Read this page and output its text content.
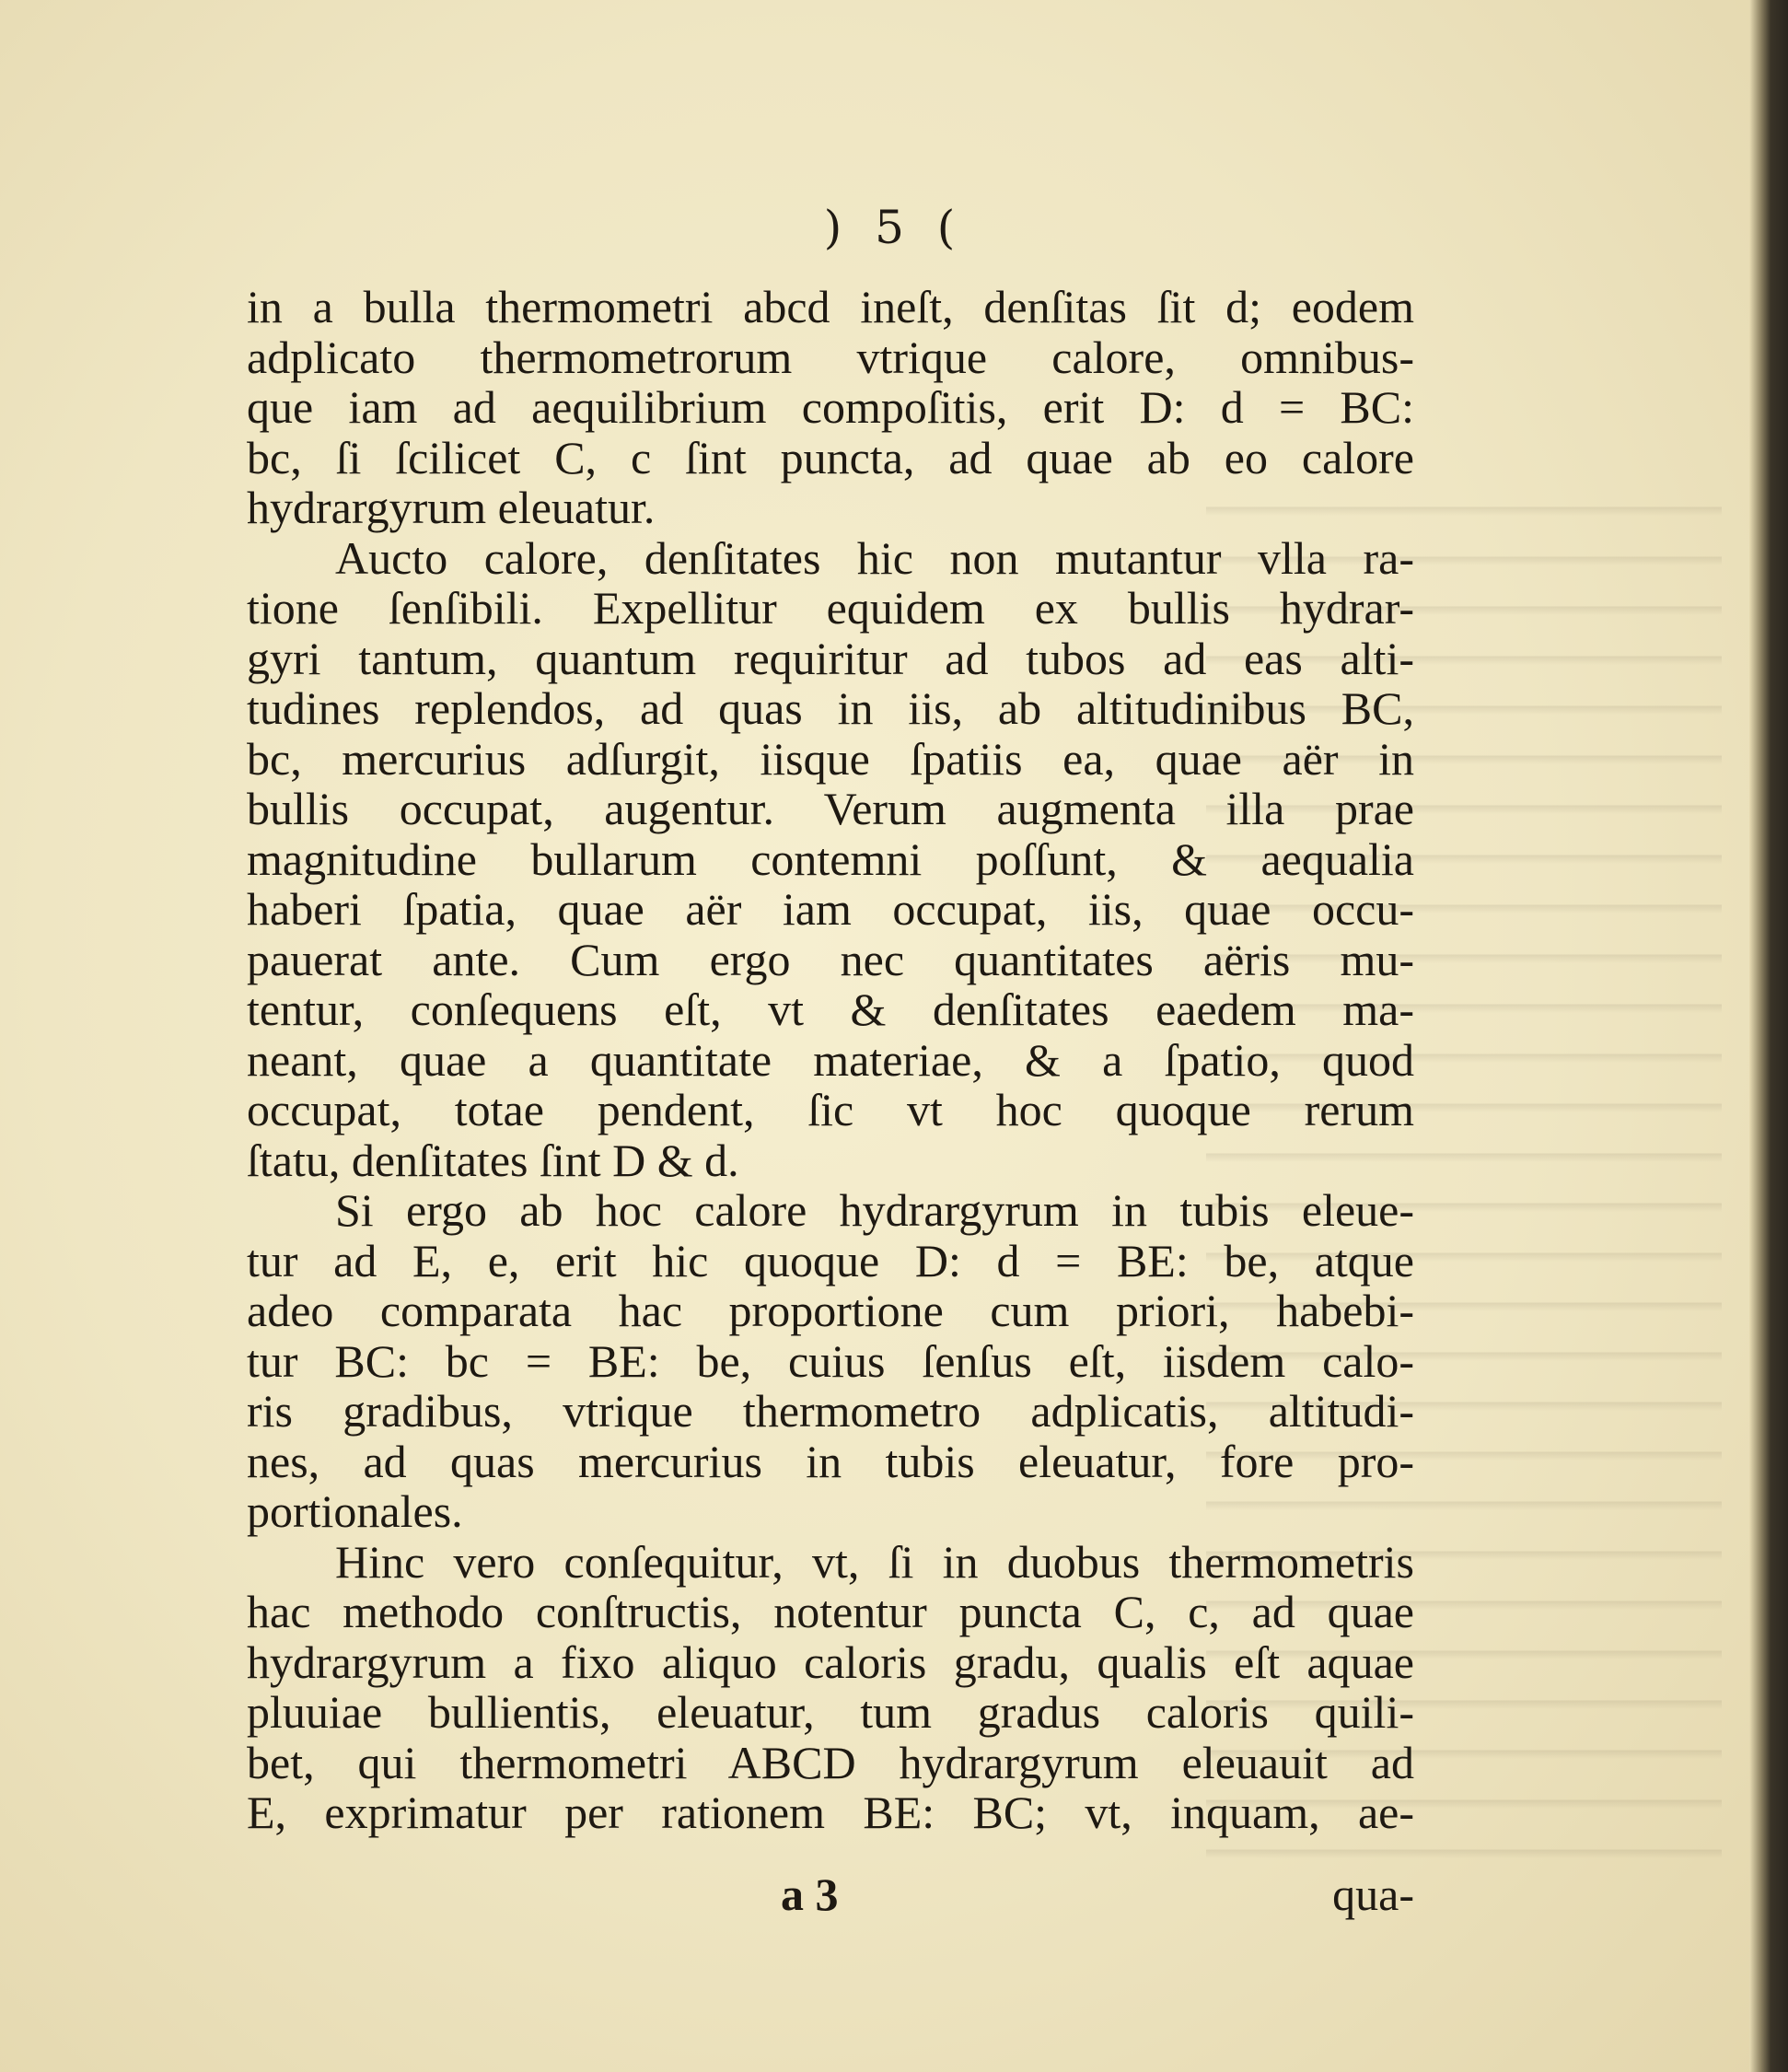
) 5 (
in a bulla thermometri abcd ineſt, denſitas ſit d; eodem
adplicato thermometrorum vtrique calore, omnibus-
que iam ad aequilibrium compoſitis, erit D: d = BC:
bc, ſi ſcilicet C, c ſint puncta, ad quae ab eo calore
hydrargyrum eleuatur.
Aucto calore, denſitates hic non mutantur vlla ra-
tione ſenſibili. Expellitur equidem ex bullis hydrar-
gyri tantum, quantum requiritur ad tubos ad eas alti-
tudines replendos, ad quas in iis, ab altitudinibus BC,
bc, mercurius adſurgit, iisque ſpatiis ea, quae aër in
bullis occupat, augentur. Verum augmenta illa prae
magnitudine bullarum contemni poſſunt, & aequalia
haberi ſpatia, quae aër iam occupat, iis, quae occu-
pauerat ante. Cum ergo nec quantitates aëris mu-
tentur, conſequens eſt, vt & denſitates eaedem ma-
neant, quae a quantitate materiae, & a ſpatio, quod
occupat, totae pendent, ſic vt hoc quoque rerum
ſtatu, denſitates ſint D & d.
Si ergo ab hoc calore hydrargyrum in tubis eleue-
tur ad E, e, erit hic quoque D: d = BE: be, atque
adeo comparata hac proportione cum priori, habebi-
tur BC: bc = BE: be, cuius ſenſus eſt, iisdem calo-
ris gradibus, vtrique thermometro adplicatis, altitudi-
nes, ad quas mercurius in tubis eleuatur, fore pro-
portionales.
Hinc vero conſequitur, vt, ſi in duobus thermometris
hac methodo conſtructis, notentur puncta C, c, ad quae
hydrargyrum a fixo aliquo caloris gradu, qualis eſt aquae
pluuiae bullientis, eleuatur, tum gradus caloris quili-
bet, qui thermometri ABCD hydrargyrum eleuauit ad
E, exprimatur per rationem BE: BC; vt, inquam, ae-
a 3	qua-
